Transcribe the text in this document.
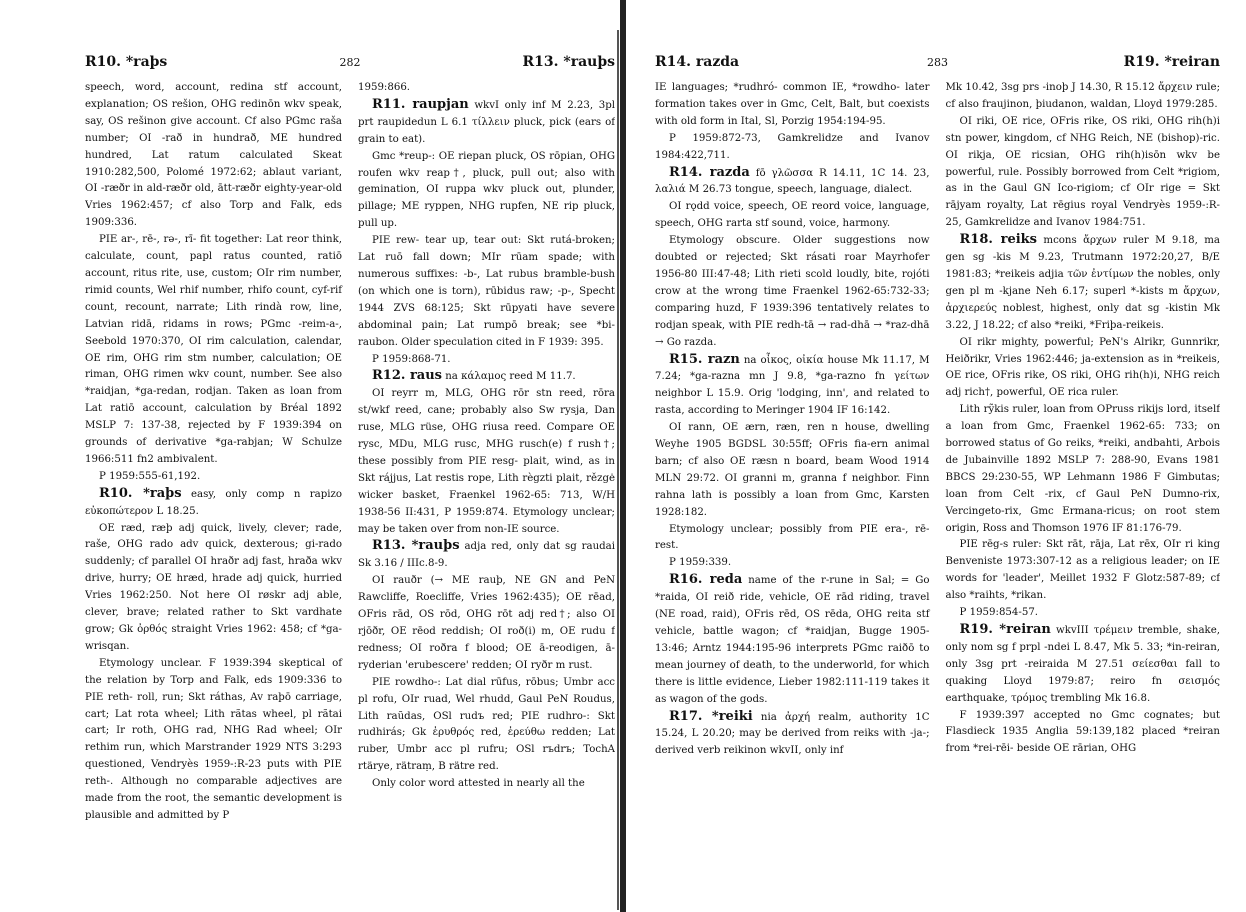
R10. *raþs	282	R13. *rauþs

speech, word, account, redina stf account, explanation; OS rešion, OHG redinōn wkv speak, say, OS rešinon give account. Cf also PGmc raša number; OI -rað in hundrað, ME hundred hundred, Lat ratum calculated Skeat 1910:282,500, Polomé 1972:62; ablaut variant, OI -ræðr in ald-ræðr old, ātt-ræðr eighty-year-old Vries 1962:457; cf also Torp and Falk, eds 1909:336.

PIE ar-, rē-, rə-, rī- fit together: Lat reor think, calculate, count, papl ratus counted, ratiō account, ritus rite, use, custom; OIr rim number, rimid counts, Wel rhif number, rhifo count, cyf-rif count, recount, narrate; Lith rindà row, line, Latvian ridā, ridams in rows; PGmc -reim-a-, Seebold 1970:370, OI rim calculation, calendar, OE rim, OHG rim stm number, calculation; OE riman, OHG rimen wkv count, number. See also *raidjan, *ga-redan, rodjan. Taken as loan from Lat ratiō account, calculation by Bréal 1892 MSLP 7: 137-38, rejected by F 1939:394 on grounds of derivative *ga-rabjan; W Schulze 1966:511 fn2 ambivalent.

P 1959:555-61,192.

R10. *raþs easy, only comp n rapizo εὐκοπώτερον L 18.25.

OE ræd, ræþ adj quick, lively, clever; rade, raše, OHG rado adv quick, dexterous; gi-rado suddenly; cf parallel OI hraðr adj fast, hraða wkv drive, hurry; OE hræd, hrade adj quick, hurried Vries 1962:250. Not here OI røskr adj able, clever, brave; related rather to Skt vardhate grow; Gk ὀρθός straight Vries 1962: 458; cf *ga-wrisqan.

Etymology unclear. F 1939:394 skeptical of the relation by Torp and Falk, eds 1909:336 to PIE reth- roll, run; Skt ráthas, Av raþō carriage, cart; Lat rota wheel; Lith rãtas wheel, pl rãtai cart; Ir roth, OHG rad, NHG Rad wheel; OIr rethim run, which Marstrander 1929 NTS 3:293 questioned, Vendryès 1959-:R-23 puts with PIE reth-. Although no comparable adjectives are made from the root, the semantic development is plausible and admitted by P

1959:866.

R11. raupjan wkvI only inf M 2.23, 3pl prt raupidedun L 6.1 τίλλειν pluck, pick (ears of grain to eat).

Gmc *reup-: OE riepan pluck, OS rōpian, OHG roufen wkv reap†, pluck, pull out; also with gemination, OI ruppa wkv pluck out, plunder, pillage; ME ryppen, NHG rupfen, NE rip pluck, pull up.

PIE rew- tear up, tear out: Skt rutá-broken; Lat ruō fall down; MIr rūam spade; with numerous suffixes: -b-, Lat rubus bramble-bush (on which one is torn), rūbidus raw; -p-, Specht 1944 ZVS 68:125; Skt rūpyati have severe abdominal pain; Lat rumpō break; see *bi-raubon. Older speculation cited in F 1939: 395.

P 1959:868-71.

R12. raus na κάλαμος reed M 11.7.

OI reyrr m, MLG, OHG rōr stn reed, rōra st/wkf reed, cane; probably also Sw rysja, Dan ruse, MLG rüse, OHG riusa reed. Compare OE rysc, MDu, MLG rusc, MHG rusch(e) f rush†; these possibly from PIE resg- plait, wind, as in Skt rájjus, Lat restis rope, Lith règzti plait, rězgė wicker basket, Fraenkel 1962-65: 713, W/H 1938-56 II:431, P 1959:874. Etymology unclear; may be taken over from non-IE source.

R13. *rauþs adja red, only dat sg raudai Sk 3.16 / IIIc.8-9.

OI rauðr (→ ME rauþ, NE GN and PeN Rawcliffe, Roecliffe, Vries 1962:435); OE rēad, OFris rād, OS rōd, OHG rōt adj red†; also OI rjōðr, OE rēod reddish; OI roð(i) m, OE rudu f redness; OI roðra f blood; OE ā-reodigen, ā-ryderian 'erubescere' redden; OI ryðr m rust.

PIE rowdho-: Lat dial rūfus, rōbus; Umbr acc pl rofu, OIr ruad, Wel rhudd, Gaul PeN Roudus, Lith raũdas, OSl rudъ red; PIE rudhro-: Skt rudhirás; Gk ἐρυθρός red, ἐρεύθω redden; Lat ruber, Umbr acc pl rufru; OSl rъdrъ; TochA rtärye, rätraṃ, B rätre red.

Only color word attested in nearly all the

R14. razda	283	R19. *reiran

IE languages; *rudhró- common IE, *rowdho- later formation takes over in Gmc, Celt, Balt, but coexists with old form in Ital, Sl, Porzig 1954:194-95.

P 1959:872-73, Gamkrelidze and Ivanov 1984:422,711.

R14. razda fō γλῶσσα R 14.11, 1C 14. 23, λαλιά M 26.73 tongue, speech, language, dialect.

OI rǫdd voice, speech, OE reord voice, language, speech, OHG rarta stf sound, voice, harmony.

Etymology obscure. Older suggestions now doubted or rejected; Skt rásati roar Mayrhofer 1956-80 III:47-48; Lith rieti scold loudly, bite, rojóti crow at the wrong time Fraenkel 1962-65:732-33; comparing huzd, F 1939:396 tentatively relates to rodjan speak, with PIE redh-tā → rad-dhā → *raz-dhā → Go razda.

R15. razn na οἶκος, οἰκία house Mk 11.17, M 7.24; *ga-razna mn J 9.8, *ga-razno fn γείτων neighbor L 15.9. Orig 'lodging, inn', and related to rasta, according to Meringer 1904 IF 16:142.

OI rann, OE ærn, ræn, ren n house, dwelling Weyhe 1905 BGDSL 30:55ff; OFris fia-ern animal barn; cf also OE ræsn n board, beam Wood 1914 MLN 29:72. OI granni m, granna f neighbor. Finn rahna lath is possibly a loan from Gmc, Karsten 1928:182.

Etymology unclear; possibly from PIE era-, rē- rest.

P 1959:339.

R16. reda name of the r-rune in Sal; = Go *raida, OI reið ride, vehicle, OE rād riding, travel (NE road, raid), OFris rēd, OS rēda, OHG reita stf vehicle, battle wagon; cf *raidjan, Bugge 1905-13:46; Arntz 1944:195-96 interprets PGmc raiðō to mean journey of death, to the underworld, for which there is little evidence, Lieber 1982:111-119 takes it as wagon of the gods.

R17. *reiki nia ἀρχή realm, authority 1C 15.24, L 20.20; may be derived from reiks with -ja-; derived verb reikinon wkvII, only inf

Mk 10.42, 3sg prs -inoþ J 14.30, R 15.12 ἄρχειν rule; cf also fraujinon, þiudanon, waldan, Lloyd 1979:285.

OI riki, OE rice, OFris rike, OS riki, OHG rih(h)i stn power, kingdom, cf NHG Reich, NE (bishop)-ric. OI rikja, OE ricsian, OHG rih(h)isōn wkv be powerful, rule. Possibly borrowed from Celt *rigiom, as in the Gaul GN Ico-rigiom; cf OIr rige = Skt rājyam royalty, Lat rēgius royal Vendryès 1959-:R-25, Gamkrelidze and Ivanov 1984:751.

R18. reiks mcons ἄρχων ruler M 9.18, ma gen sg -kis M 9.23, Trutmann 1972:20,27, B/E 1981:83; *reikeis adjia τῶν ἐντίμων the nobles, only gen pl m -kjane Neh 6.17; superl *-kists m ἄρχων, ἀρχιερεύς noblest, highest, only dat sg -kistin Mk 3.22, J 18.22; cf also *reiki, *Friþa-reikeis.

OI rikr mighty, powerful; PeN's Alrikr, Gunnrikr, Heiðrikr, Vries 1962:446; ja-extension as in *reikeis, OE rice, OFris rike, OS riki, OHG rih(h)i, NHG reich adj rich†, powerful, OE rica ruler.

Lith rỹkis ruler, loan from OPruss rikijs lord, itself a loan from Gmc, Fraenkel 1962-65: 733; on borrowed status of Go reiks, *reiki, andbahti, Arbois de Jubainville 1892 MSLP 7: 288-90, Evans 1981 BBCS 29:230-55, WP Lehmann 1986 F Gimbutas; loan from Celt -rix, cf Gaul PeN Dumno-rix, Vercingeto-rix, Gmc Ermana-ricus; on root stem origin, Ross and Thomson 1976 IF 81:176-79.

PIE rēg-s ruler: Skt rāt, rāja, Lat rēx, OIr ri king Benveniste 1973:307-12 as a religious leader; on IE words for 'leader', Meillet 1932 F Glotz:587-89; cf also *raihts, *rikan.

P 1959:854-57.

R19. *reiran wkvIII τρέμειν tremble, shake, only nom sg f prpl -ndei L 8.47, Mk 5. 33; *in-reiran, only 3sg prt -reiraida M 27.51 σείεσθαι fall to quaking Lloyd 1979:87; reiro fn σεισμός earthquake, τρόμος trembling Mk 16.8.

F 1939:397 accepted no Gmc cognates; but Flasdieck 1935 Anglia 59:139,182 placed *reiran from *rei-rēi- beside OE rārian, OHG
